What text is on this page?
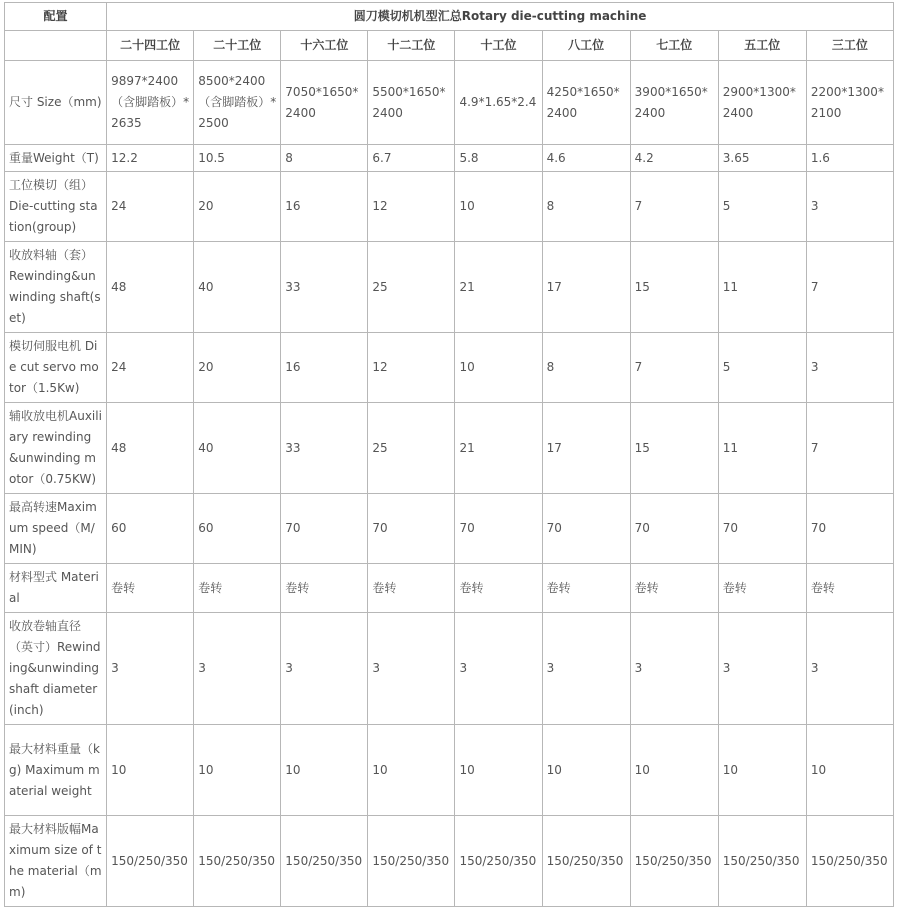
配置	圆刀模切机机型汇总Rotary die-cutting machine								
	二十四工位	二十工位	十六工位	十二工位	十工位	八工位	七工位	五工位	三工位
尺寸 Size（mm)	9897*2400（含脚踏板）*2635	8500*2400（含脚踏板）*2500	7050*1650*2400	5500*1650*2400	4.9*1.65*2.4	4250*1650*2400	3900*1650*2400	2900*1300*2400	2200*1300*2100
重量Weight（T)	12.2	10.5	8	6.7	5.8	4.6	4.2	3.65	1.6
工位模切（组） Die-cutting station(group)	24	20	16	12	10	8	7	5	3
收放料轴（套） Rewinding&unwinding shaft(set)	48	40	33	25	21	17	15	11	7
模切伺服电机 Die cut servo motor（1.5Kw)	24	20	16	12	10	8	7	5	3
辅收放电机Auxiliary rewinding &unwinding motor（0.75KW)	48	40	33	25	21	17	15	11	7
最高转速Maximum speed（M/MIN)	60	60	70	70	70	70	70	70	70
材料型式 Material	卷转	卷转	卷转	卷转	卷转	卷转	卷转	卷转	卷转
收放卷轴直径（英寸）Rewinding&unwinding shaft diameter(inch)	3	3	3	3	3	3	3	3	3
最大材料重量（kg) Maximum material weight	10	10	10	10	10	10	10	10	10
最大材料版幅Maximum size of the material（mm)	150/250/350	150/250/350	150/250/350	150/250/350	150/250/350	150/250/350	150/250/350	150/250/350	150/250/350
